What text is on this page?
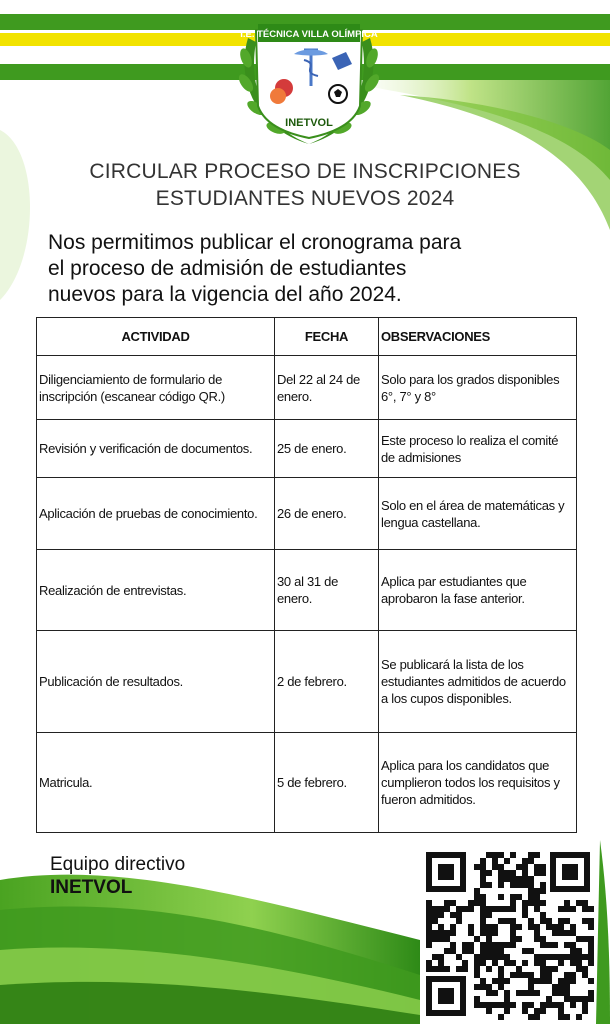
I.E. TÉCNICA VILLA OLÍMPICA
INETVOL
CIRCULAR PROCESO DE INSCRIPCIONES
ESTUDIANTES NUEVOS 2024
Nos permitimos publicar el cronograma para
el proceso de admisión de estudiantes
nuevos para la vigencia del año 2024.
ACTIVIDAD	FECHA	OBSERVACIONES
Diligenciamiento de formulario de inscripción (escanear código QR.)	Del 22 al 24 de enero.	Solo para los grados disponibles 6°, 7° y 8°
Revisión y verificación de documentos.	25 de enero.	Este proceso lo realiza el comité de admisiones
Aplicación de pruebas de conocimiento.	26 de enero.	Solo en el área de matemáticas y lengua castellana.
Realización de entrevistas.	30 al 31 de enero.	Aplica par estudiantes que aprobaron la fase anterior.
Publicación de resultados.	2 de febrero.	Se publicará la lista de los estudiantes admitidos de acuerdo a los cupos disponibles.
Matricula.	5 de febrero.	Aplica para los candidatos que cumplieron todos los requisitos y fueron admitidos.
Equipo directivo
INETVOL
